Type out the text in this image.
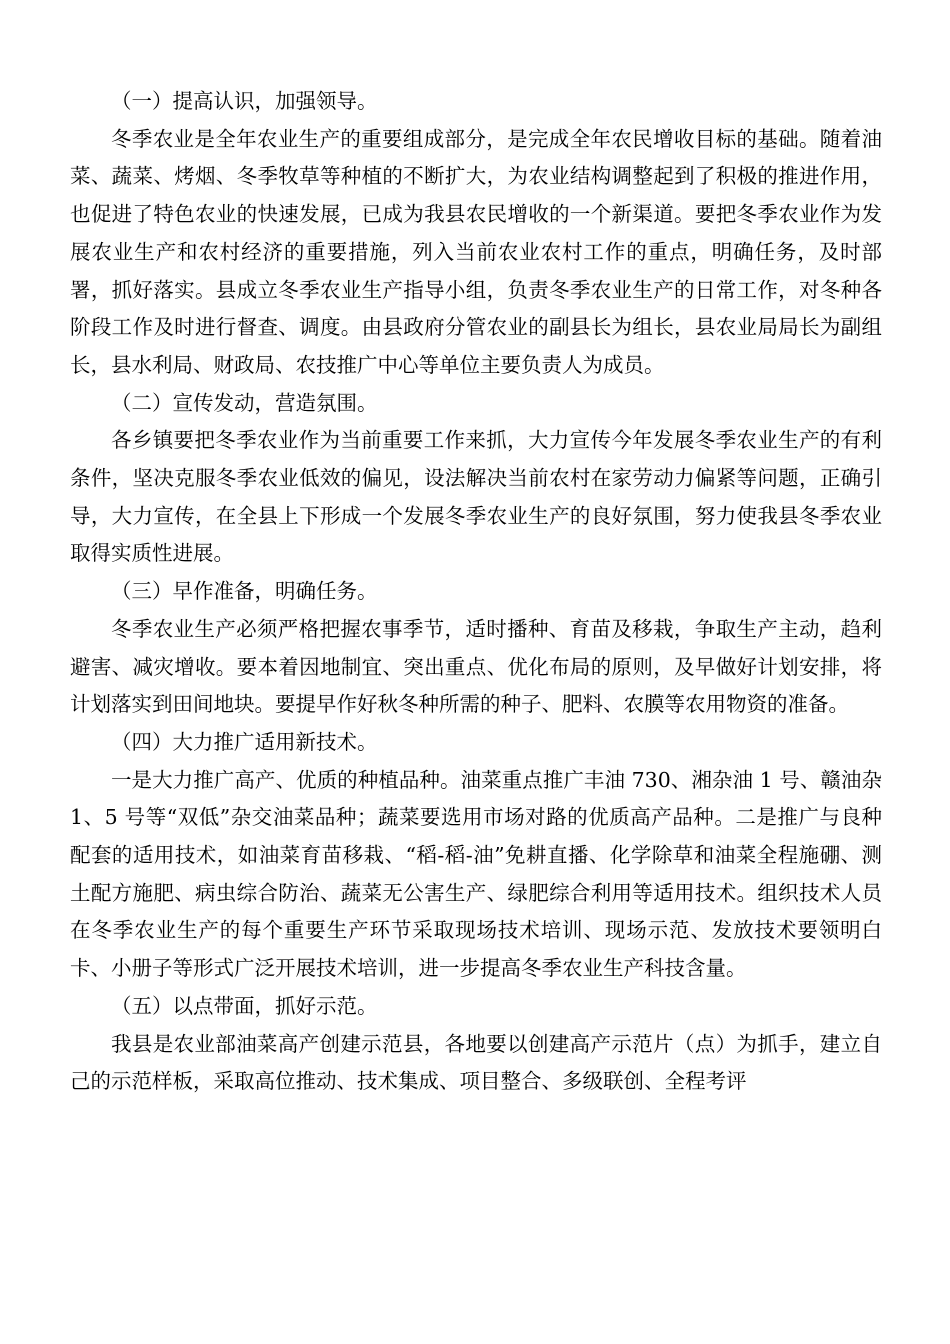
（一）提高认识，加强领导。

冬季农业是全年农业生产的重要组成部分，是完成全年农民增收目标的基础。随着油菜、蔬菜、烤烟、冬季牧草等种植的不断扩大，为农业结构调整起到了积极的推进作用，也促进了特色农业的快速发展，已成为我县农民增收的一个新渠道。要把冬季农业作为发展农业生产和农村经济的重要措施，列入当前农业农村工作的重点，明确任务，及时部署，抓好落实。县成立冬季农业生产指导小组，负责冬季农业生产的日常工作，对冬种各阶段工作及时进行督查、调度。由县政府分管农业的副县长为组长，县农业局局长为副组长，县水利局、财政局、农技推广中心等单位主要负责人为成员。

（二）宣传发动，营造氛围。

各乡镇要把冬季农业作为当前重要工作来抓，大力宣传今年发展冬季农业生产的有利条件，坚决克服冬季农业低效的偏见，设法解决当前农村在家劳动力偏紧等问题，正确引导，大力宣传，在全县上下形成一个发展冬季农业生产的良好氛围，努力使我县冬季农业取得实质性进展。

（三）早作准备，明确任务。

冬季农业生产必须严格把握农事季节，适时播种、育苗及移栽，争取生产主动，趋利避害、减灾增收。要本着因地制宜、突出重点、优化布局的原则，及早做好计划安排，将计划落实到田间地块。要提早作好秋冬种所需的种子、肥料、农膜等农用物资的准备。

（四）大力推广适用新技术。

一是大力推广高产、优质的种植品种。油菜重点推广丰油 730、湘杂油 1 号、赣油杂 1、5 号等“双低”杂交油菜品种；蔬菜要选用市场对路的优质高产品种。二是推广与良种配套的适用技术，如油菜育苗移栽、“稻-稻-油”免耕直播、化学除草和油菜全程施硼、测土配方施肥、病虫综合防治、蔬菜无公害生产、绿肥综合利用等适用技术。组织技术人员在冬季农业生产的每个重要生产环节采取现场技术培训、现场示范、发放技术要领明白卡、小册子等形式广泛开展技术培训，进一步提高冬季农业生产科技含量。

（五）以点带面，抓好示范。

我县是农业部油菜高产创建示范县，各地要以创建高产示范片（点）为抓手，建立自己的示范样板，采取高位推动、技术集成、项目整合、多级联创、全程考评
